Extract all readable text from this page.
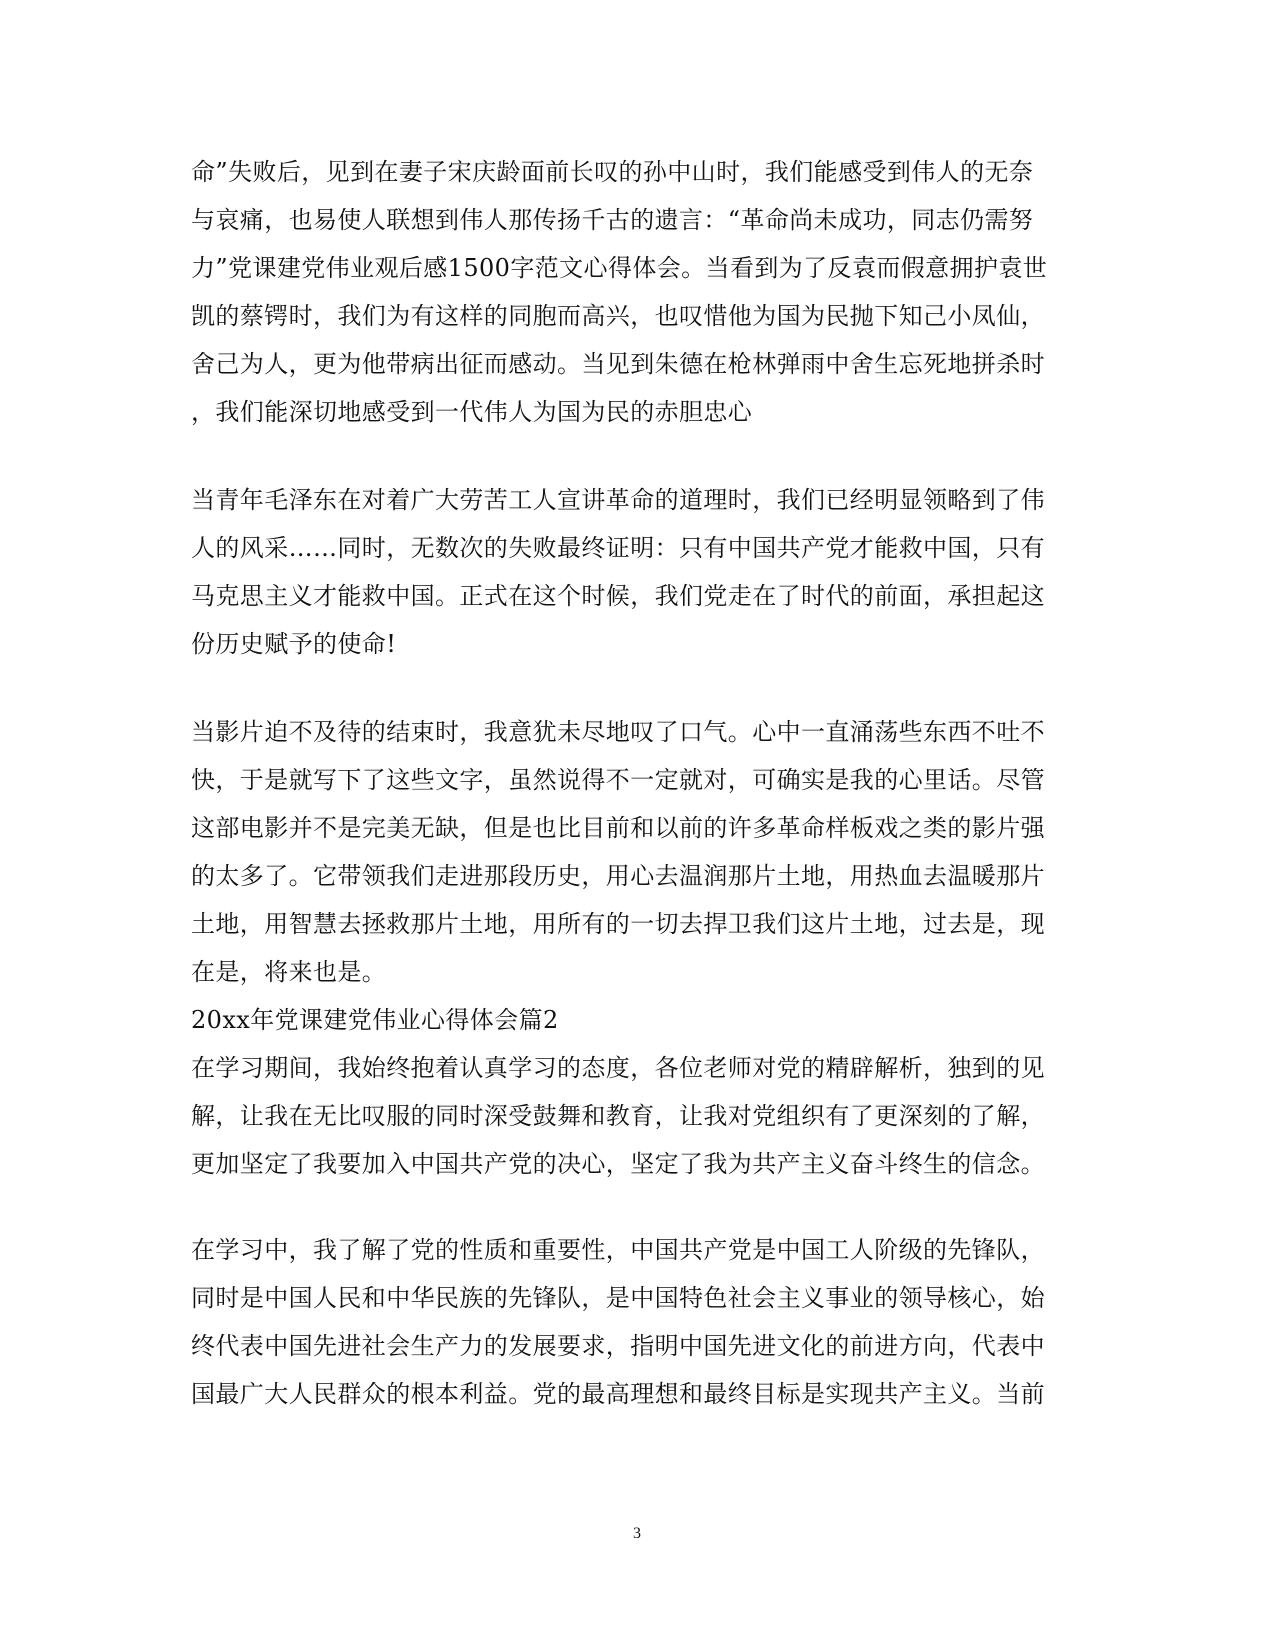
命”失败后，见到在妻子宋庆龄面前长叹的孙中山时，我们能感受到伟人的无奈
与哀痛，也易使人联想到伟人那传扬千古的遗言：“革命尚未成功，同志仍需努
力”党课建党伟业观后感1500字范文心得体会。当看到为了反袁而假意拥护袁世
凯的蔡锷时，我们为有这样的同胞而高兴，也叹惜他为国为民抛下知己小凤仙，
舍己为人，更为他带病出征而感动。当见到朱德在枪林弹雨中舍生忘死地拼杀时
，我们能深切地感受到一代伟人为国为民的赤胆忠心
当青年毛泽东在对着广大劳苦工人宣讲革命的道理时，我们已经明显领略到了伟
人的风采……同时，无数次的失败最终证明：只有中国共产党才能救中国，只有
马克思主义才能救中国。正式在这个时候，我们党走在了时代的前面，承担起这
份历史赋予的使命!
当影片迫不及待的结束时，我意犹未尽地叹了口气。心中一直涌荡些东西不吐不
快，于是就写下了这些文字，虽然说得不一定就对，可确实是我的心里话。尽管
这部电影并不是完美无缺，但是也比目前和以前的许多革命样板戏之类的影片强
的太多了。它带领我们走进那段历史，用心去温润那片土地，用热血去温暖那片
土地，用智慧去拯救那片土地，用所有的一切去捍卫我们这片土地，过去是，现
在是，将来也是。
20xx年党课建党伟业心得体会篇2
在学习期间，我始终抱着认真学习的态度，各位老师对党的精辟解析，独到的见
解，让我在无比叹服的同时深受鼓舞和教育，让我对党组织有了更深刻的了解，
更加坚定了我要加入中国共产党的决心，坚定了我为共产主义奋斗终生的信念。
在学习中，我了解了党的性质和重要性，中国共产党是中国工人阶级的先锋队，
同时是中国人民和中华民族的先锋队，是中国特色社会主义事业的领导核心，始
终代表中国先进社会生产力的发展要求，指明中国先进文化的前进方向，代表中
国最广大人民群众的根本利益。党的最高理想和最终目标是实现共产主义。当前
3
